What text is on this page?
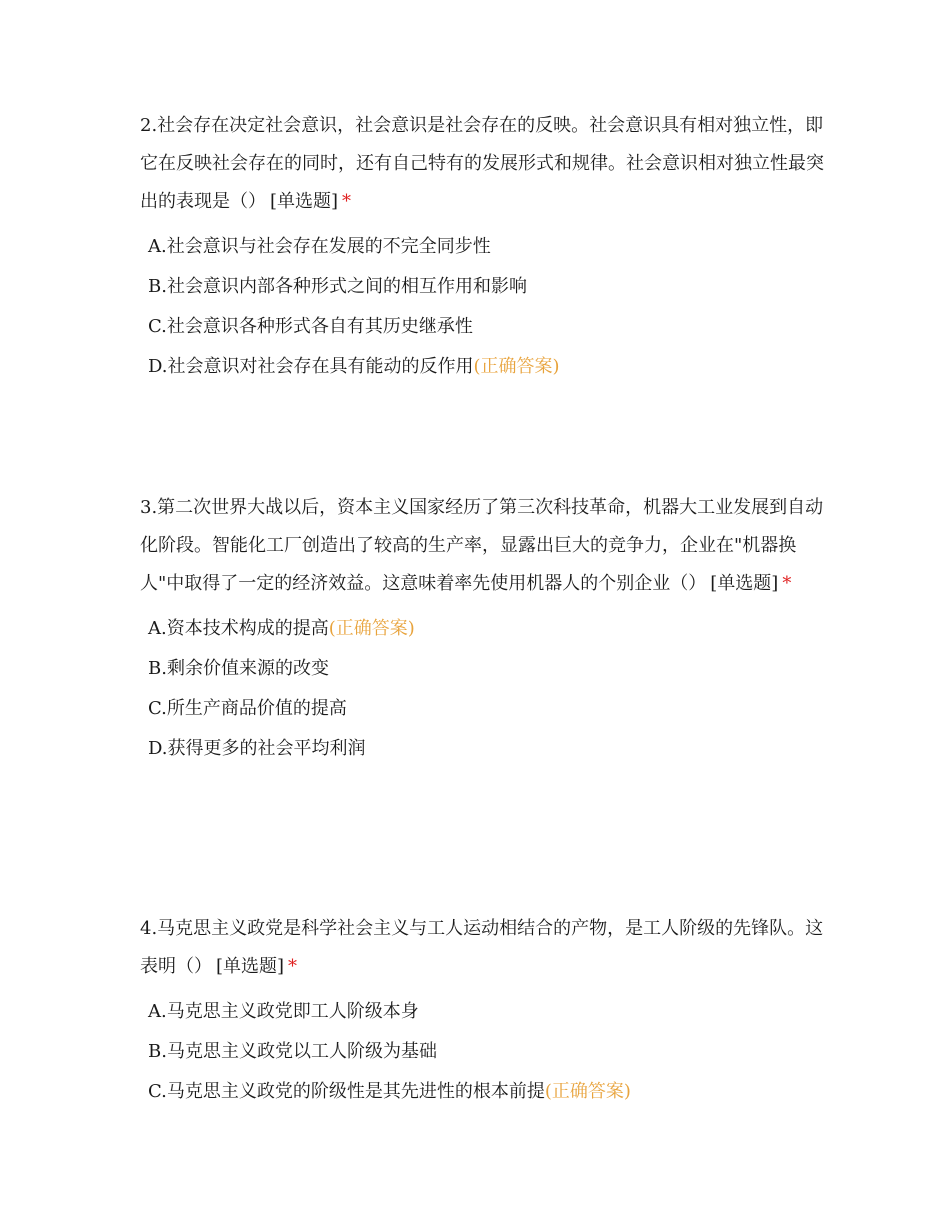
2.社会存在决定社会意识，社会意识是社会存在的反映。社会意识具有相对独立性，即它在反映社会存在的同时，还有自己特有的发展形式和规律。社会意识相对独立性最突出的表现是（） [单选题] *

A.社会意识与社会存在发展的不完全同步性
B.社会意识内部各种形式之间的相互作用和影响
C.社会意识各种形式各自有其历史继承性
D.社会意识对社会存在具有能动的反作用(正确答案)

3.第二次世界大战以后，资本主义国家经历了第三次科技革命，机器大工业发展到自动化阶段。智能化工厂创造出了较高的生产率，显露出巨大的竞争力，企业在"机器换人"中取得了一定的经济效益。这意味着率先使用机器人的个别企业（） [单选题] *

A.资本技术构成的提高(正确答案)
B.剩余价值来源的改变
C.所生产商品价值的提高
D.获得更多的社会平均利润

4.马克思主义政党是科学社会主义与工人运动相结合的产物，是工人阶级的先锋队。这表明（） [单选题] *

A.马克思主义政党即工人阶级本身
B.马克思主义政党以工人阶级为基础
C.马克思主义政党的阶级性是其先进性的根本前提(正确答案)
